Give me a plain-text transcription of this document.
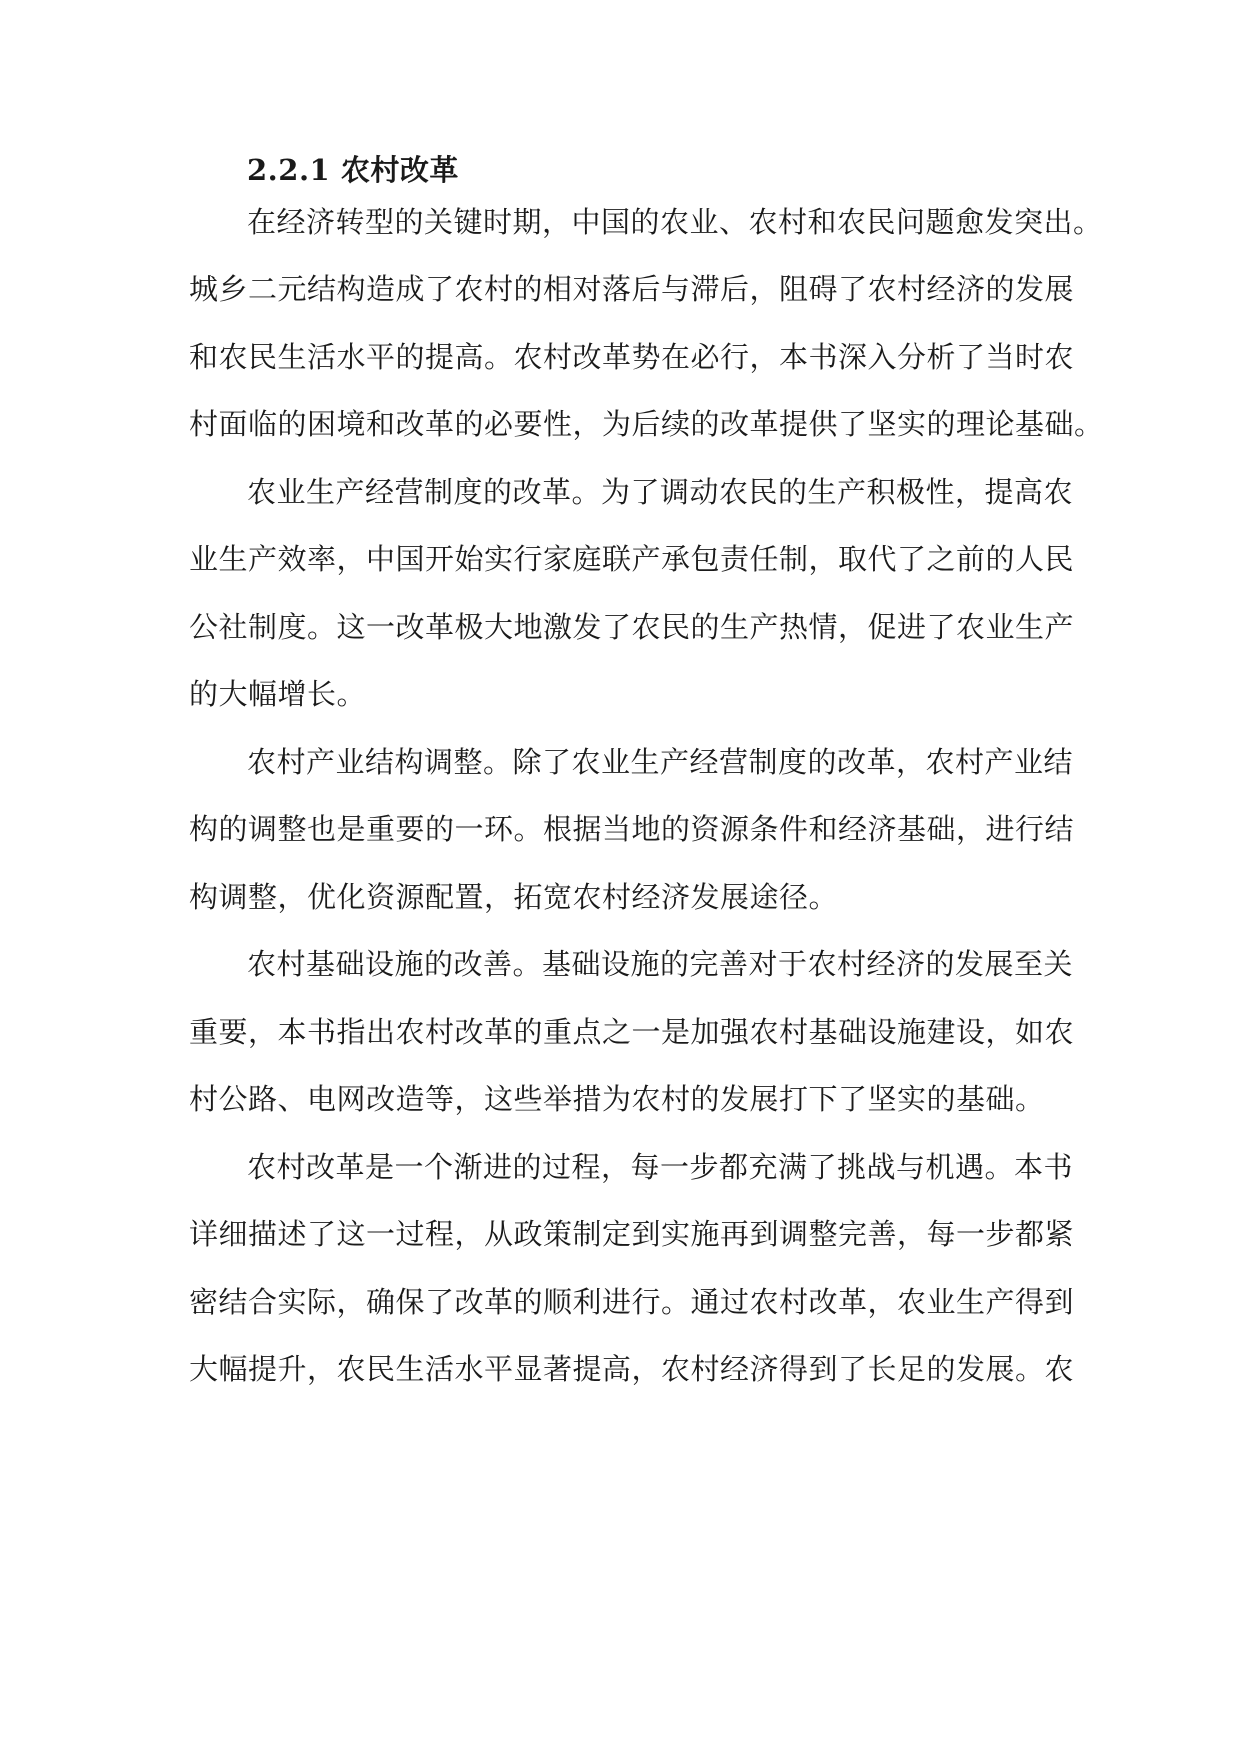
2.2.1 农村改革
在经济转型的关键时期，中国的农业、农村和农民问题愈发突出。
城乡二元结构造成了农村的相对落后与滞后，阻碍了农村经济的发展
和农民生活水平的提高。农村改革势在必行，本书深入分析了当时农
村面临的困境和改革的必要性，为后续的改革提供了坚实的理论基础。
农业生产经营制度的改革。为了调动农民的生产积极性，提高农
业生产效率，中国开始实行家庭联产承包责任制，取代了之前的人民
公社制度。这一改革极大地激发了农民的生产热情，促进了农业生产
的大幅增长。
农村产业结构调整。除了农业生产经营制度的改革，农村产业结
构的调整也是重要的一环。根据当地的资源条件和经济基础，进行结
构调整，优化资源配置，拓宽农村经济发展途径。
农村基础设施的改善。基础设施的完善对于农村经济的发展至关
重要，本书指出农村改革的重点之一是加强农村基础设施建设，如农
村公路、电网改造等，这些举措为农村的发展打下了坚实的基础。
农村改革是一个渐进的过程，每一步都充满了挑战与机遇。本书
详细描述了这一过程，从政策制定到实施再到调整完善，每一步都紧
密结合实际，确保了改革的顺利进行。通过农村改革，农业生产得到
大幅提升，农民生活水平显著提高，农村经济得到了长足的发展。农
